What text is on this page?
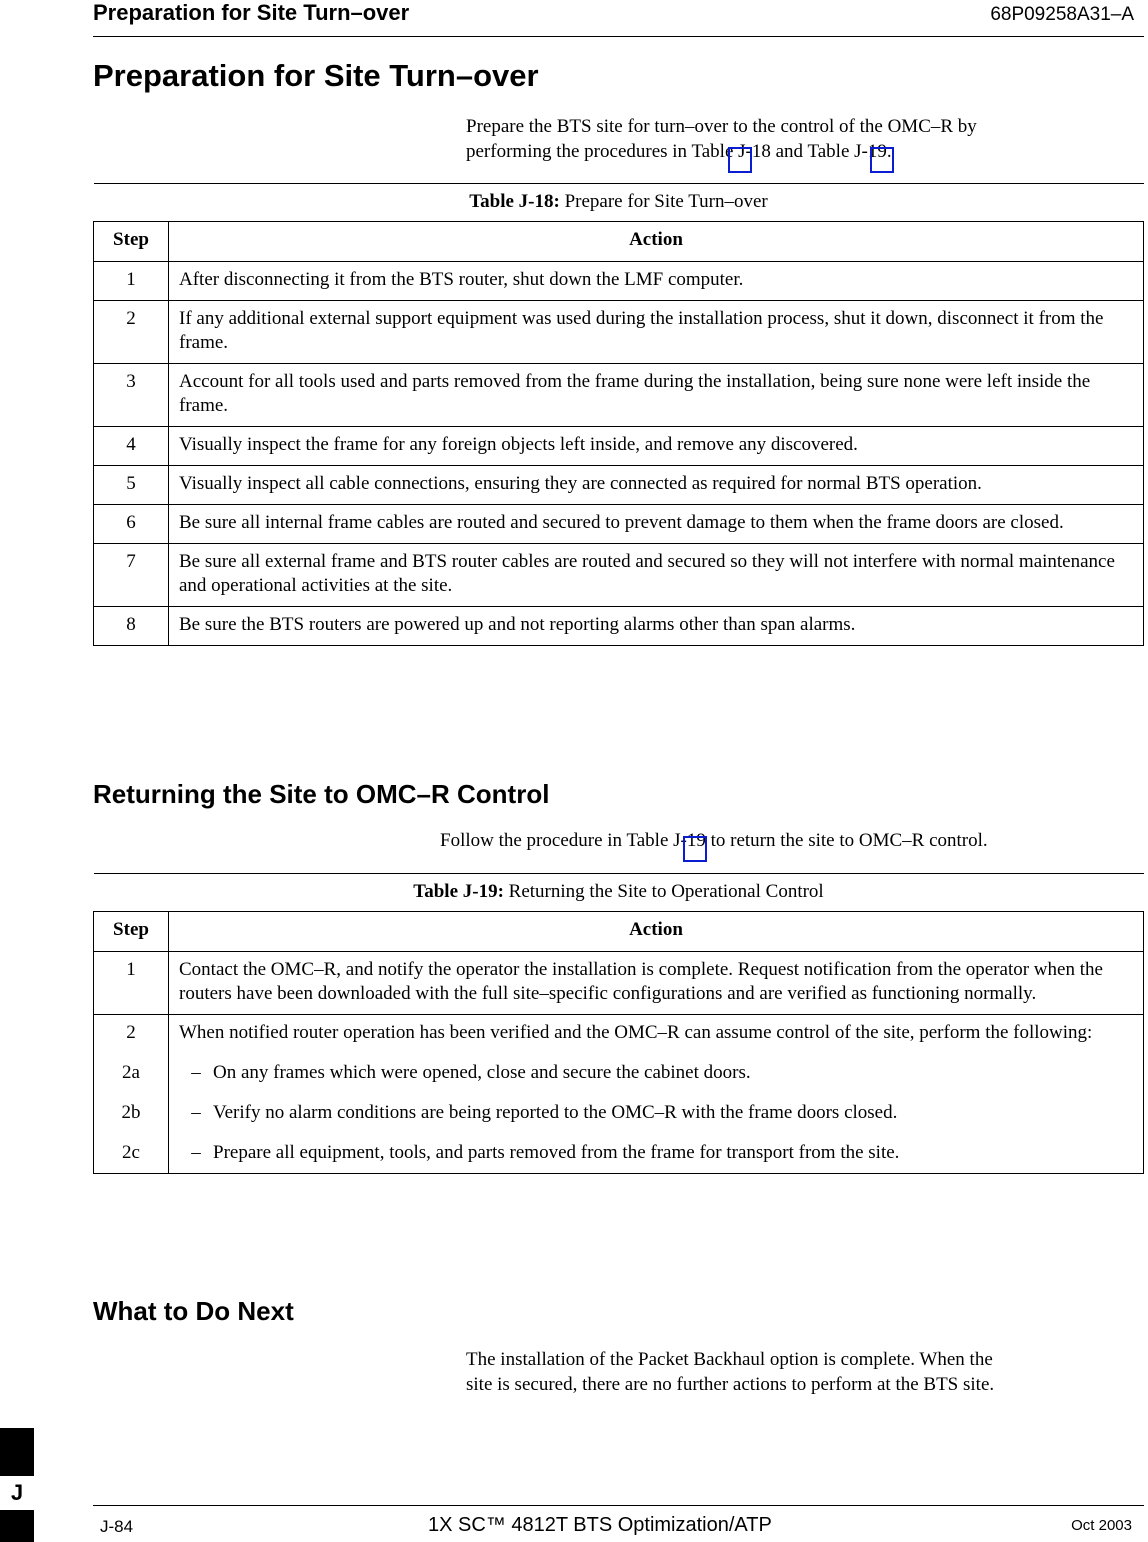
Preparation for Site Turn–over	68P09258A31–A
Preparation for Site Turn–over
Prepare the BTS site for turn–over to the control of the OMC–R by
performing the procedures in Table J-18 and Table J-19.
Table J-18: Prepare for Site Turn–over	
Step	Action
1	After disconnecting it from the BTS router, shut down the LMF computer.
2	If any additional external support equipment was used during the installation process, shut it down, disconnect it from the frame.
3	Account for all tools used and parts removed from the frame during the installation, being sure none were left inside the frame.
4	Visually inspect the frame for any foreign objects left inside, and remove any discovered.
5	Visually inspect all cable connections, ensuring they are connected as required for normal BTS operation.
6	Be sure all internal frame cables are routed and secured to prevent damage to them when the frame doors are closed.
7	Be sure all external frame and BTS router cables are routed and secured so they will not interfere with normal maintenance and operational activities at the site.
8	Be sure the BTS routers are powered up and not reporting alarms other than span alarms.
Returning the Site to OMC–R Control
Follow the procedure in Table J-19 to return the site to OMC–R control.
Table J-19: Returning the Site to Operational Control	
Step	Action
1	Contact the OMC–R, and notify the operator the installation is complete. Request notification from the operator when the routers have been downloaded with the full site–specific configurations and are verified as functioning normally.
2	When notified router operation has been verified and the OMC–R can assume control of the site, perform the following:
2a	– On any frames which were opened, close and secure the cabinet doors.
2b	– Verify no alarm conditions are being reported to the OMC–R with the frame doors closed.
2c	– Prepare all equipment, tools, and parts removed from the frame for transport from the site.
What to Do Next
The installation of the Packet Backhaul option is complete. When the
site is secured, there are no further actions to perform at the BTS site.
J
J-84	1X SC™ 4812T BTS Optimization/ATP	Oct 2003
